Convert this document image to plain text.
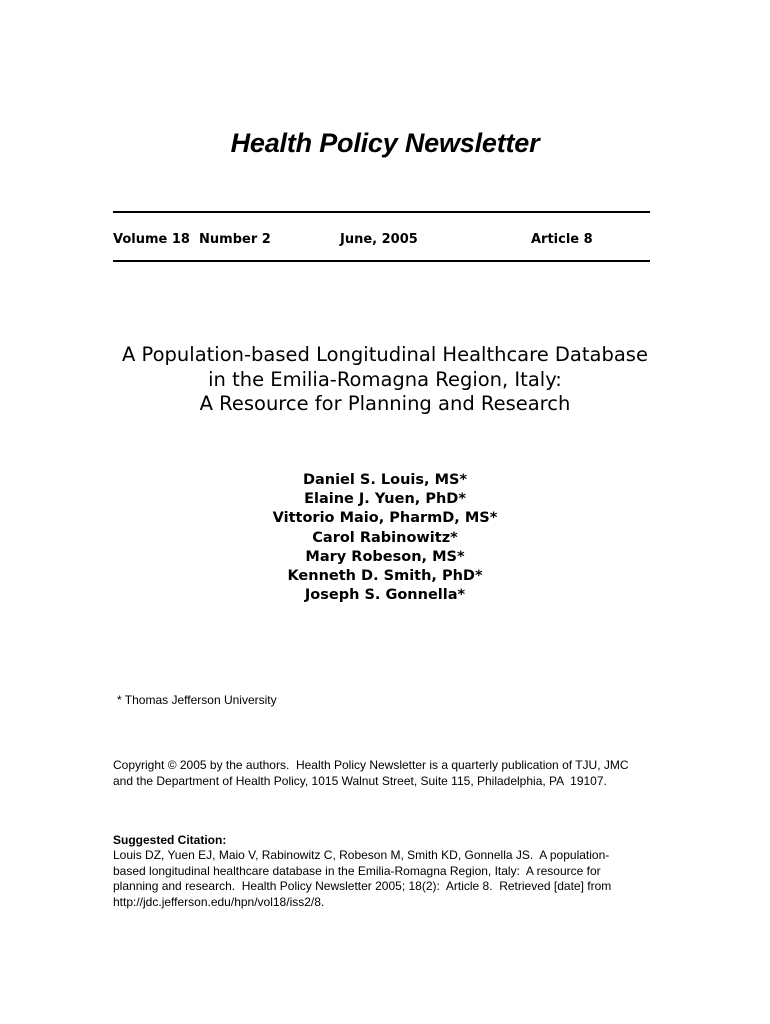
Health Policy Newsletter
Volume 18  Number 2	June, 2005	Article 8
A Population-based Longitudinal Healthcare Database
in the Emilia-Romagna Region, Italy:
A Resource for Planning and Research
Daniel S. Louis, MS*
Elaine J. Yuen, PhD*
Vittorio Maio, PharmD, MS*
Carol Rabinowitz*
Mary Robeson, MS*
Kenneth D. Smith, PhD*
Joseph S. Gonnella*
* Thomas Jefferson University
Copyright © 2005 by the authors.  Health Policy Newsletter is a quarterly publication of TJU, JMC
and the Department of Health Policy, 1015 Walnut Street, Suite 115, Philadelphia, PA  19107.
Suggested Citation:
Louis DZ, Yuen EJ, Maio V, Rabinowitz C, Robeson M, Smith KD, Gonnella JS.  A population-
based longitudinal healthcare database in the Emilia-Romagna Region, Italy:  A resource for
planning and research.  Health Policy Newsletter 2005; 18(2):  Article 8.  Retrieved [date] from
http://jdc.jefferson.edu/hpn/vol18/iss2/8.
